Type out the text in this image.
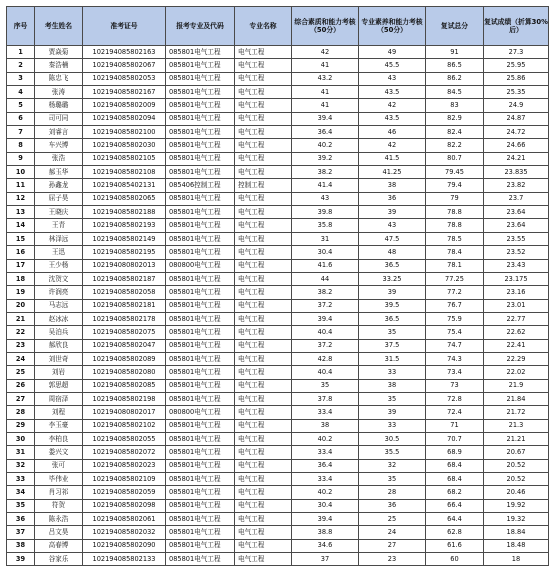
序号	考生姓名	准考证号	报考专业及代码	专业名称	综合素质和能力考核（50分）	专业素养和能力考核（50分）	复试总分	复试成绩（折算30%后）
1	贾焱菊	102194085802163	085801电气工程	电气工程	42	49	91	27.3
2	秦浩楠	102194085802067	085801电气工程	电气工程	41	45.5	86.5	25.95
3	陈忠飞	102194085802053	085801电气工程	电气工程	43.2	43	86.2	25.86
4	张涛	102194085802167	085801电气工程	电气工程	41	43.5	84.5	25.35
5	杨璐璐	102194085802009	085801电气工程	电气工程	41	42	83	24.9
6	司可同	102194085802094	085801电气工程	电气工程	39.4	43.5	82.9	24.87
7	刘睿言	102194085802100	085801电气工程	电气工程	36.4	46	82.4	24.72
8	车兴博	102194085802030	085801电气工程	电气工程	40.2	42	82.2	24.66
9	张浩	102194085802105	085801电气工程	电气工程	39.2	41.5	80.7	24.21
10	郝玉华	102194085802108	085801电气工程	电气工程	38.2	41.25	79.45	23.835
11	孙鑫龙	102194085402131	085406控制工程	控制工程	41.4	38	79.4	23.82
12	屈子昊	102194085802065	085801电气工程	电气工程	43	36	79	23.7
13	王晓庆	102194085802188	085801电气工程	电气工程	39.8	39	78.8	23.64
14	王青	102194085802193	085801电气工程	电气工程	35.8	43	78.8	23.64
15	林泽远	102194085802149	085801电气工程	电气工程	31	47.5	78.5	23.55
16	王迅	102194085802195	085801电气工程	电气工程	30.4	48	78.4	23.52
17	王少杨	102194080802013	080800电气工程	电气工程	41.6	36.5	78.1	23.43
18	沈贺文	102194085802187	085801电气工程	电气工程	44	33.25	77.25	23.175
19	许润亮	102194085802058	085801电气工程	电气工程	38.2	39	77.2	23.16
20	马志远	102194085802181	085801电气工程	电气工程	37.2	39.5	76.7	23.01
21	赵冰冰	102194085802178	085801电气工程	电气工程	39.4	36.5	75.9	22.77
22	吴泊兵	102194085802075	085801电气工程	电气工程	40.4	35	75.4	22.62
23	郝欣良	102194085802047	085801电气工程	电气工程	37.2	37.5	74.7	22.41
24	刘世奇	102194085802089	085801电气工程	电气工程	42.8	31.5	74.3	22.29
25	刘岩	102194085802080	085801电气工程	电气工程	40.4	33	73.4	22.02
26	郭思超	102194085802085	085801电气工程	电气工程	35	38	73	21.9
27	周宿泽	102194085802198	085801电气工程	电气工程	37.8	35	72.8	21.84
28	刘程	102194080802017	080800电气工程	电气工程	33.4	39	72.4	21.72
29	李玉豪	102194085802102	085801电气工程	电气工程	38	33	71	21.3
30	李柏良	102194085802055	085801电气工程	电气工程	40.2	30.5	70.7	21.21
31	娄兴文	102194085802072	085801电气工程	电气工程	33.4	35.5	68.9	20.67
32	张可	102194085802023	085801电气工程	电气工程	36.4	32	68.4	20.52
33	毕伟业	102194085802109	085801电气工程	电气工程	33.4	35	68.4	20.52
34	肖习祁	102194085802059	085801电气工程	电气工程	40.2	28	68.2	20.46
35	符贺	102194085802098	085801电气工程	电气工程	30.4	36	66.4	19.92
36	陈永浩	102194085802061	085801电气工程	电气工程	39.4	25	64.4	19.32
37	吕文昊	102194085802032	085801电气工程	电气工程	38.8	24	62.8	18.84
38	高春博	102194085802090	085801电气工程	电气工程	34.6	27	61.6	18.48
39	谷家乐	102194085802133	085801电气工程	电气工程	37	23	60	18
